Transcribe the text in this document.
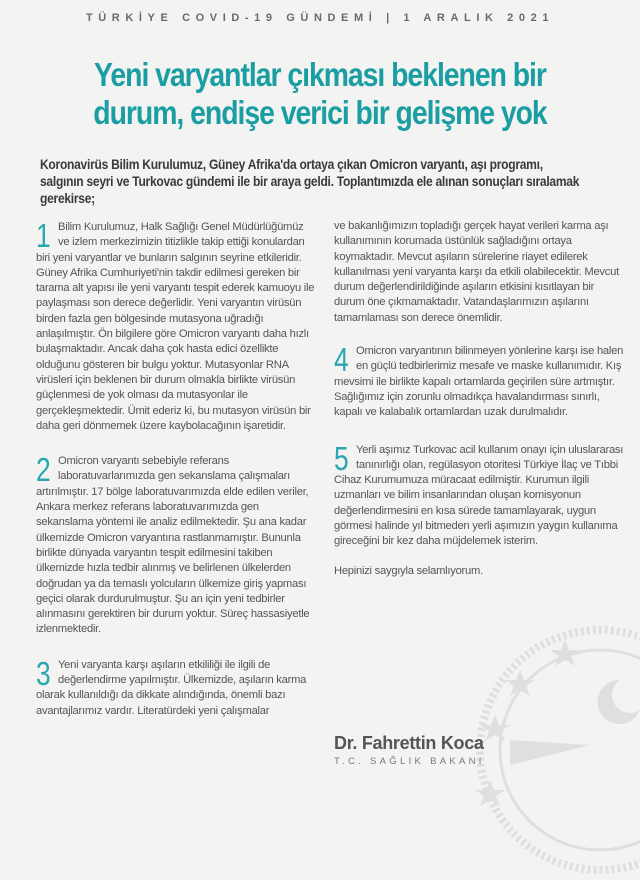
TÜRKİYE COVID-19 GÜNDEMİ | 1 ARALIK 2021
Yeni varyantlar çıkması beklenen bir
durum, endişe verici bir gelişme yok
Koronavirüs Bilim Kurulumuz, Güney Afrika'da ortaya çıkan Omicron varyantı, aşı programı, salgının seyri ve Turkovac gündemi ile bir araya geldi. Toplantımızda ele alınan sonuçları sıralamak gerekirse;
1 Bilim Kurulumuz, Halk Sağlığı Genel Müdürlüğümüz ve izlem merkezimizin titizlikle takip ettiği konulardan biri yeni varyantlar ve bunların salgının seyrine etkileridir. Güney Afrika Cumhuriyeti'nin takdir edilmesi gereken bir tarama alt yapısı ile yeni varyantı tespit ederek kamuoyu ile paylaşması son derece değerlidir. Yeni varyantın virüsün birden fazla gen bölgesinde mutasyona uğradığı anlaşılmıştır. Ön bilgilere göre Omicron varyantı daha hızlı bulaşmaktadır. Ancak daha çok hasta edici özellikte olduğunu gösteren bir bulgu yoktur. Mutasyonlar RNA virüsleri için beklenen bir durum olmakla birlikte virüsün güçlenmesi de yok olması da mutasyonlar ile gerçekleşmektedir. Ümit ederiz ki, bu mutasyon virüsün bir daha geri dönmemek üzere kaybolacağının işaretidir.
2 Omicron varyantı sebebiyle referans laboratuvarlarımızda gen sekanslama çalışmaları artırılmıştır. 17 bölge laboratuvarımızda elde edilen veriler, Ankara merkez referans laboratuvarımızda gen sekanslama yöntemi ile analiz edilmektedir. Şu ana kadar ülkemizde Omicron varyantına rastlanmamıştır. Bununla birlikte dünyada varyantın tespit edilmesini takiben ülkemizde hızla tedbir alınmış ve belirlenen ülkelerden doğrudan ya da temaslı yolcuların ülkemize giriş yapması geçici olarak durdurulmuştur. Şu an için yeni tedbirler alınmasını gerektiren bir durum yoktur. Süreç hassasiyetle izlenmektedir.
3 Yeni varyanta karşı aşıların etkililiği ile ilgili de değerlendirme yapılmıştır. Ülkemizde, aşıların karma olarak kullanıldığı da dikkate alındığında, önemli bazı avantajlarımız vardır. Literatürdeki yeni çalışmalar
ve bakanlığımızın topladığı gerçek hayat verileri karma aşı kullanımının korumada üstünlük sağladığını ortaya koymaktadır. Mevcut aşıların sürelerine riayet edilerek kullanılması yeni varyanta karşı da etkili olabilecektir. Mevcut durum değerlendirildiğinde aşıların etkisini kısıtlayan bir durum öne çıkmamaktadır. Vatandaşlarımızın aşılarını tamamlaması son derece önemlidir.
4 Omicron varyantının bilinmeyen yönlerine karşı ise halen en güçlü tedbirlerimiz mesafe ve maske kullanımıdır. Kış mevsimi ile birlikte kapalı ortamlarda geçirilen süre artmıştır. Sağlığımız için zorunlu olmadıkça havalandırması sınırlı, kapalı ve kalabalık ortamlardan uzak durulmalıdır.
5 Yerli aşımız Turkovac acil kullanım onayı için uluslararası tanınırlığı olan, regülasyon otoritesi Türkiye İlaç ve Tıbbi Cihaz Kurumumuza müracaat edilmiştir. Kurumun ilgili uzmanları ve bilim insanlarından oluşan komisyonun değerlendirmesini en kısa sürede tamamlayarak, uygun görmesi halinde yıl bitmeden yerli aşımızın yaygın kullanıma gireceğini bir kez daha müjdelemek isterim.
Hepinizi saygıyla selamlıyorum.
Dr. Fahrettin Koca
T.C. SAĞLIK BAKANI
